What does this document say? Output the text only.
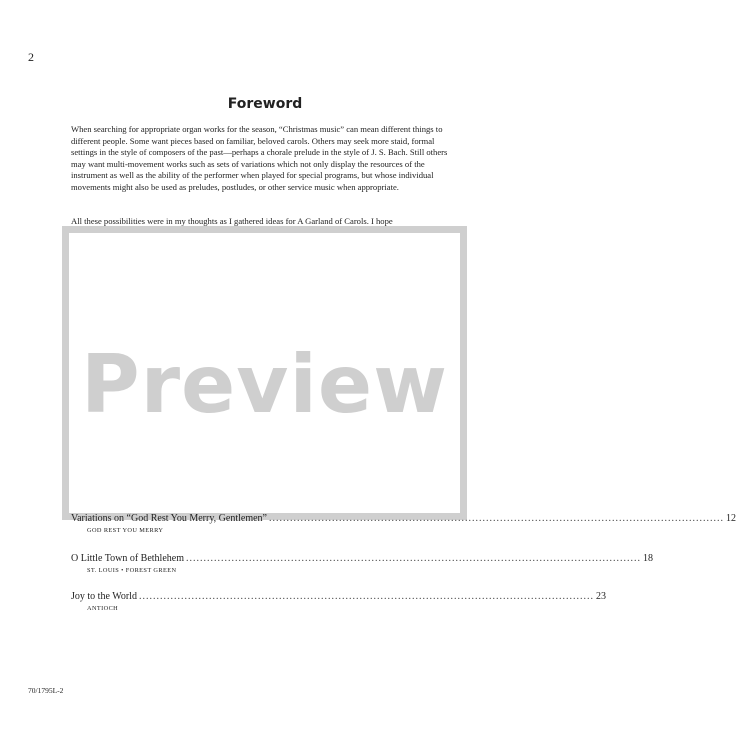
2
Foreword

When searching for appropriate organ works for the season, “Christmas music” can mean different things to different people. Some want pieces based on familiar, beloved carols. Others may seek more staid, formal settings in the style of composers of the past—perhaps a chorale prelude in the style of J. S. Bach. Still others may want multi-movement works such as sets of variations which not only display the resources of the instrument as well as the ability of the performer when played for special programs, but whose individual movements might also be used as preludes, postludes, or other service music when appropriate.

All these possibilities were in my thoughts as I gathered ideas for A Garland of Carols. I hope
Preview
Variations on “God Rest You Merry, Gentlemen” .................................................................................................................................. 12
GOD REST YOU MERRY
O Little Town of Bethlehem .................................................................................................................................. 18
ST. LOUIS • FOREST GREEN
Joy to the World .................................................................................................................................. 23
ANTIOCH
70/1795L-2
